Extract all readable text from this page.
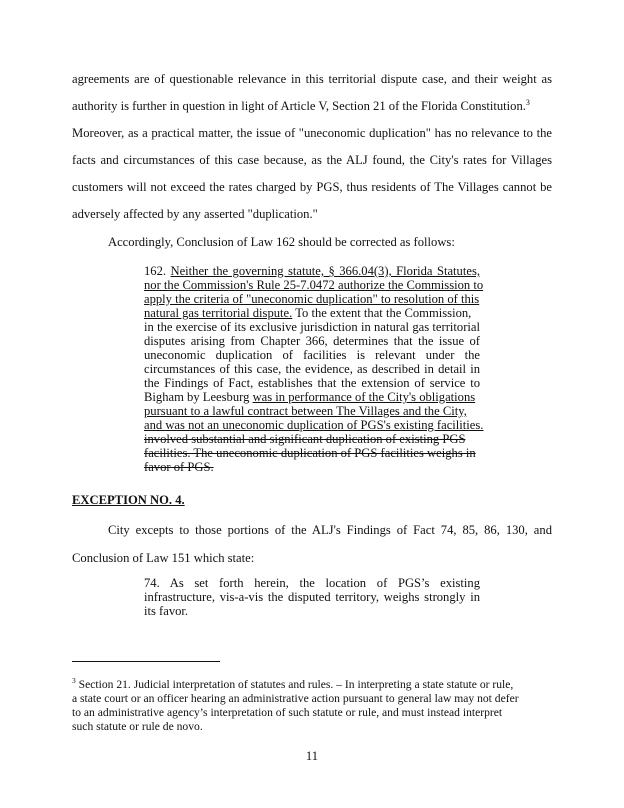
agreements are of questionable relevance in this territorial dispute case, and their weight as
authority is further in question in light of Article V, Section 21 of the Florida Constitution.$^3$
Moreover, as a practical matter, the issue of "uneconomic duplication" has no relevance to the
facts and circumstances of this case because, as the ALJ found, the City's rates for Villages
customers will not exceed the rates charged by PGS, thus residents of The Villages cannot be
adversely affected by any asserted "duplication."
Accordingly, Conclusion of Law 162 should be corrected as follows:
162. Neither the governing statute, § 366.04(3), Florida Statutes,
nor the Commission's Rule 25-7.0472 authorize the Commission to
apply the criteria of "uneconomic duplication" to resolution of this
natural gas territorial dispute. To the extent that the Commission,
in the exercise of its exclusive jurisdiction in natural gas territorial
disputes arising from Chapter 366, determines that the issue of
uneconomic duplication of facilities is relevant under the
circumstances of this case, the evidence, as described in detail in
the Findings of Fact, establishes that the extension of service to
Bigham by Leesburg was in performance of the City's obligations
pursuant to a lawful contract between The Villages and the City,
and was not an uneconomic duplication of PGS's existing facilities.
involved substantial and significant duplication of existing PGS
facilities. The uneconomic duplication of PGS facilities weighs in
favor of PGS.
EXCEPTION NO. 4.
City excepts to those portions of the ALJ's Findings of Fact 74, 85, 86, 130, and
Conclusion of Law 151 which state:
74. As set forth herein, the location of PGS’s existing
infrastructure, vis-a-vis the disputed territory, weighs strongly in
its favor.
$^3$ Section 21. Judicial interpretation of statutes and rules. – In interpreting a state statute or rule,
a state court or an officer hearing an administrative action pursuant to general law may not defer
to an administrative agency’s interpretation of such statute or rule, and must instead interpret
such statute or rule de novo.
11
